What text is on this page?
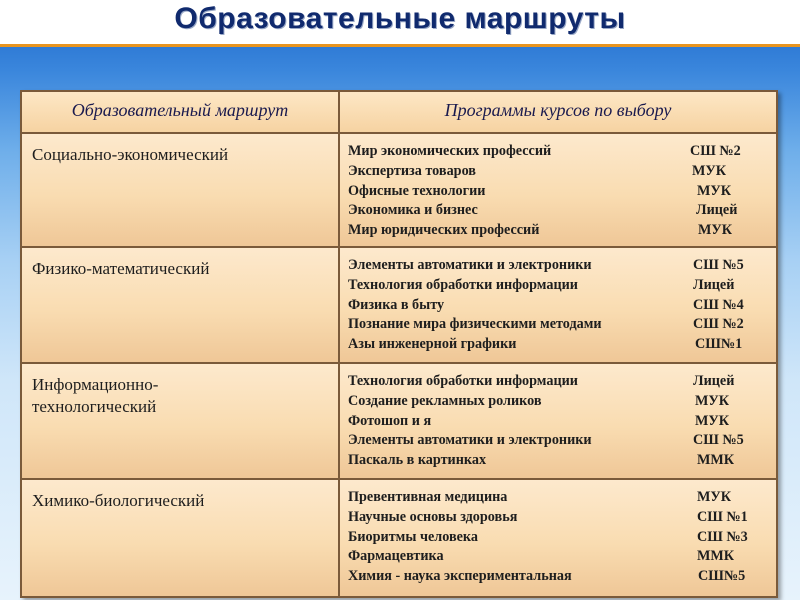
Образовательные маршруты
Образовательный маршрут	Программы курсов по выбору
Социально-экономический	Мир экономических профессий	СШ №2
Экспертиза товаров	МУК
Офисные технологии	МУК
Экономика и бизнес	Лицей
Мир юридических профессий	МУК
Физико-математический	Элементы автоматики и электроники	СШ №5
Технология обработки информации	Лицей
Физика в быту	СШ №4
Познание мира физическими методами	СШ №2
Азы инженерной графики	СШ№1
Информационно-
технологический
Технология обработки информации	Лицей
Создание рекламных роликов	МУК
Фотошоп и я	МУК
Элементы автоматики и электроники	СШ №5
Паскаль в картинках	ММК
Химико-биологический	Превентивная медицина	МУК
Научные основы здоровья	СШ №1
Биоритмы человека	СШ №3
Фармацевтика	ММК
Химия - наука экспериментальная	СШ№5
